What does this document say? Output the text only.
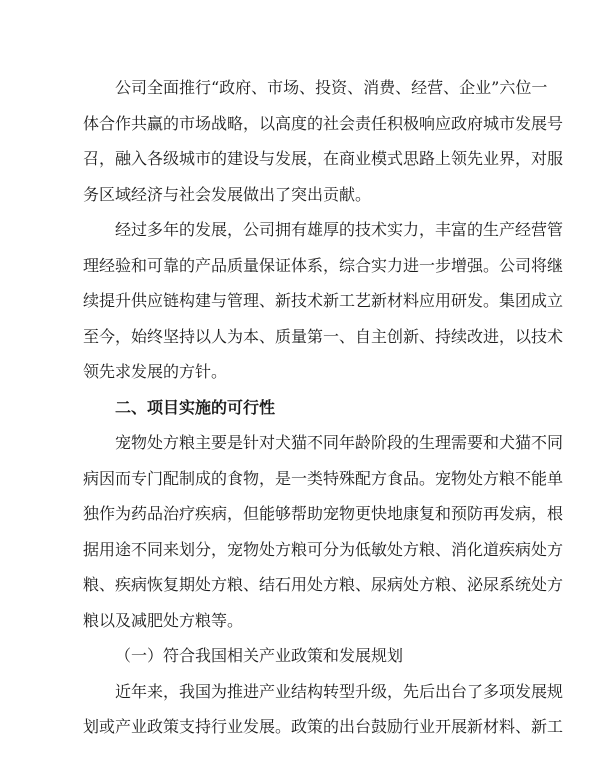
公司全面推行“政府、市场、投资、消费、经营、企业”六位一
体合作共赢的市场战略，以高度的社会责任积极响应政府城市发展号
召，融入各级城市的建设与发展，在商业模式思路上领先业界，对服
务区域经济与社会发展做出了突出贡献。
经过多年的发展，公司拥有雄厚的技术实力，丰富的生产经营管
理经验和可靠的产品质量保证体系，综合实力进一步增强。公司将继
续提升供应链构建与管理、新技术新工艺新材料应用研发。集团成立
至今，始终坚持以人为本、质量第一、自主创新、持续改进，以技术
领先求发展的方针。
二、项目实施的可行性
宠物处方粮主要是针对犬猫不同年龄阶段的生理需要和犬猫不同
病因而专门配制成的食物，是一类特殊配方食品。宠物处方粮不能单
独作为药品治疗疾病，但能够帮助宠物更快地康复和预防再发病，根
据用途不同来划分，宠物处方粮可分为低敏处方粮、消化道疾病处方
粮、疾病恢复期处方粮、结石用处方粮、尿病处方粮、泌尿系统处方
粮以及减肥处方粮等。
（一）符合我国相关产业政策和发展规划
近年来，我国为推进产业结构转型升级，先后出台了多项发展规
划或产业政策支持行业发展。政策的出台鼓励行业开展新材料、新工
